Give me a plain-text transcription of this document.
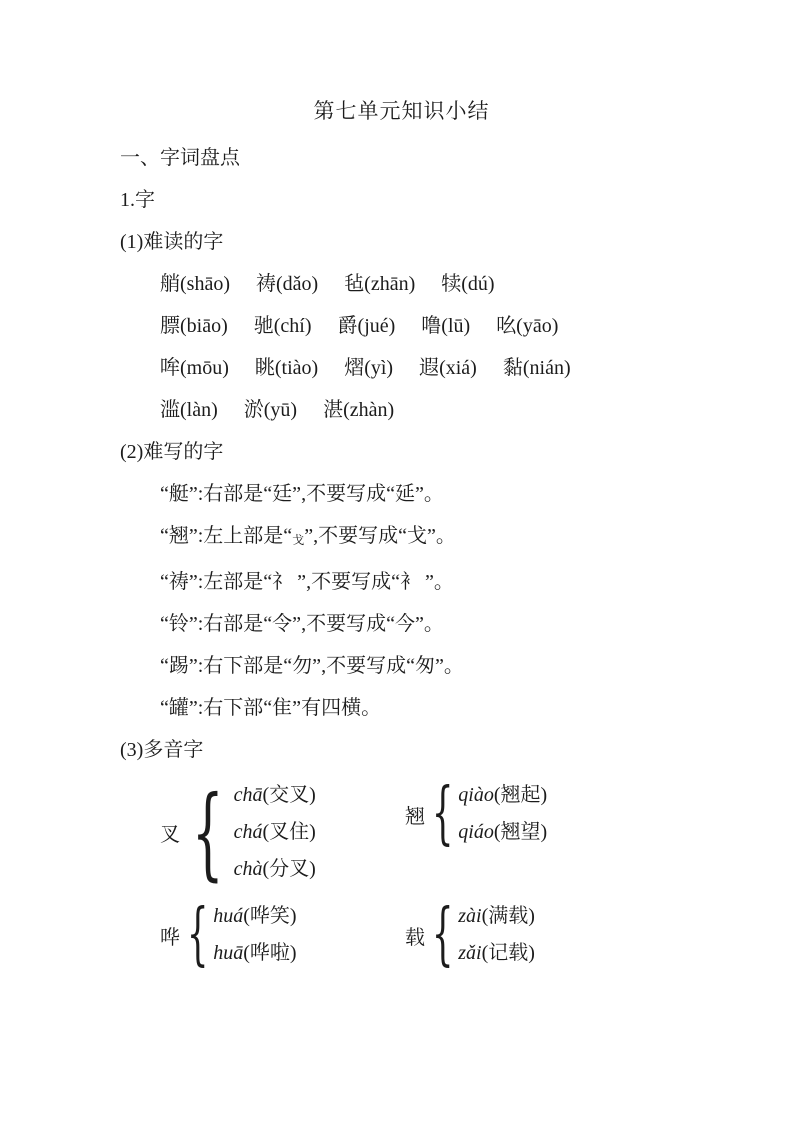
第七单元知识小结

一、字词盘点

1.字

(1)难读的字

艄(shāo) 祷(dǎo) 毡(zhān) 犊(dú)
膘(biāo) 驰(chí) 爵(jué) 噜(lū) 吆(yāo)
哞(mōu) 眺(tiào) 熠(yì) 遐(xiá) 黏(nián)
滥(làn) 淤(yū) 湛(zhàn)

(2)难写的字

“艇”:右部是“廷”,不要写成“延”。

“翘”:左上部是“戈”,不要写成“戈”。

“祷”:左部是“礻 ”,不要写成“衤 ”。

“铃”:右部是“令”,不要写成“今”。

“踢”:右下部是“勿”,不要写成“匆”。

“罐”:右下部“隹”有四横。

(3)多音字

叉 { chā(交叉)
chá(叉住)
chà(分叉)
翘 { qiào(翘起)
qiáo(翘望)
哗 { huá(哗笑)
huā(哗啦)
载 { zài(满载)
zǎi(记载)
